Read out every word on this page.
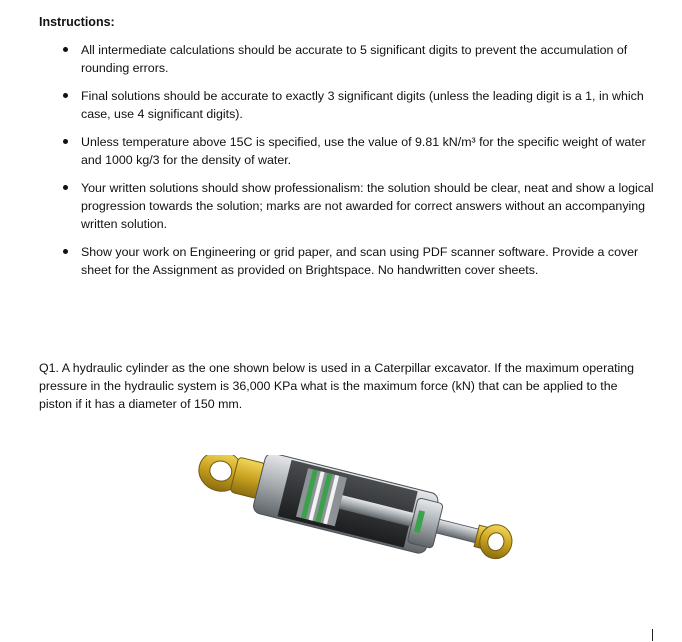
Instructions:
All intermediate calculations should be accurate to 5 significant digits to prevent the accumulation of rounding errors.
Final solutions should be accurate to exactly 3 significant digits (unless the leading digit is a 1, in which case, use 4 significant digits).
Unless temperature above 15C is specified, use the value of 9.81 kN/m³ for the specific weight of water and 1000 kg/3 for the density of water.
Your written solutions should show professionalism: the solution should be clear, neat and show a logical progression towards the solution; marks are not awarded for correct answers without an accompanying written solution.
Show your work on Engineering or grid paper, and scan using PDF scanner software. Provide a cover sheet for the Assignment as provided on Brightspace. No handwritten cover sheets.
Q1. A hydraulic cylinder as the one shown below is used in a Caterpillar excavator. If the maximum operating pressure in the hydraulic system is 36,000 KPa what is the maximum force (kN) that can be applied to the piston if it has a diameter of 150 mm.
